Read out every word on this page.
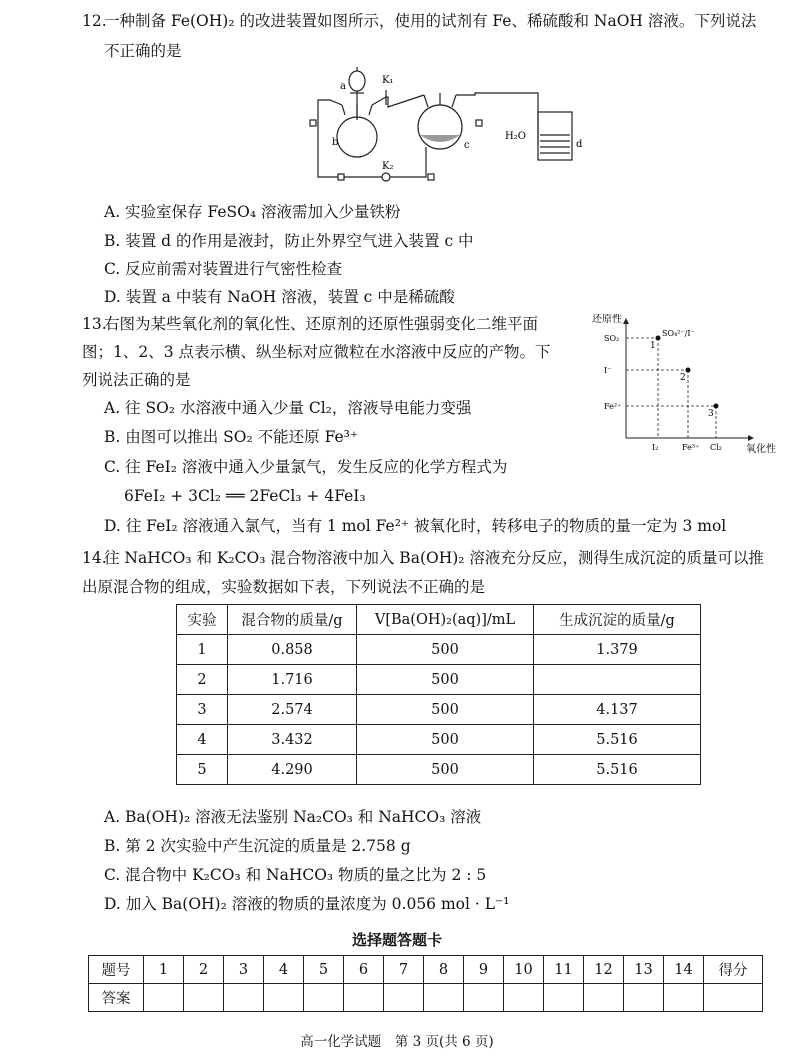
12.
一种制备 Fe(OH)₂ 的改进装置如图所示，使用的试剂有 Fe、稀硫酸和 NaOH 溶液。下列说法
不正确的是
a
b	c	d
K₁
K₂
H₂O
A. 实验室保存 FeSO₄ 溶液需加入少量铁粉
B. 装置 d 的作用是液封，防止外界空气进入装置 c 中
C. 反应前需对装置进行气密性检查
D. 装置 a 中装有 NaOH 溶液，装置 c 中是稀硫酸
13.
右图为某些氧化剂的氧化性、还原剂的还原性强弱变化二维平面
图；1、2、3 点表示横、纵坐标对应微粒在水溶液中反应的产物。下
列说法正确的是
A. 往 SO₂ 水溶液中通入少量 Cl₂，溶液导电能力变强
B. 由图可以推出 SO₂ 不能还原 Fe³⁺
C. 往 FeI₂ 溶液中通入少量氯气，发生反应的化学方程式为
6FeI₂ + 3Cl₂ ══ 2FeCl₃ + 4FeI₃
D. 往 FeI₂ 溶液通入氯气，当有 1 mol Fe²⁺ 被氧化时，转移电子的物质的量一定为 3 mol
还原性
氧化性
I₂	Fe³⁺ Cl₂
Fe²⁺
I⁻
SO₂
1
SO₄²⁻/I⁻
2
3
14.
往 NaHCO₃ 和 K₂CO₃ 混合物溶液中加入 Ba(OH)₂ 溶液充分反应，测得生成沉淀的质量可以推
出原混合物的组成，实验数据如下表，下列说法不正确的是
实验	混合物的质量/g	V[Ba(OH)₂(aq)]/mL	生成沉淀的质量/g
1	0.858	500	1.379
2	1.716	500	
3	2.574	500	4.137
4	3.432	500	5.516
5	4.290	500	5.516
A. Ba(OH)₂ 溶液无法鉴别 Na₂CO₃ 和 NaHCO₃ 溶液
B. 第 2 次实验中产生沉淀的质量是 2.758 g
C. 混合物中 K₂CO₃ 和 NaHCO₃ 物质的量之比为 2 : 5
D. 加入 Ba(OH)₂ 溶液的物质的量浓度为 0.056 mol · L⁻¹
选择题答题卡
题号	1	2	3	4	5	6	7	8	9	10	11	12	13	14	得分
答案															
高一化学试题　第 3 页(共 6 页)
